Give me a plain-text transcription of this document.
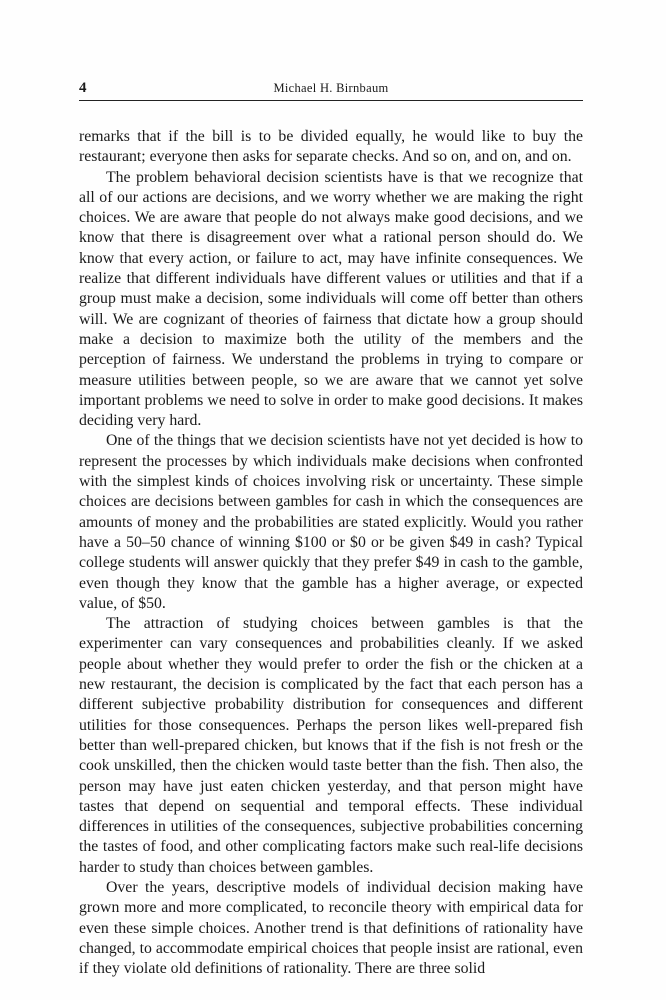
4	Michael H. Birnbaum

remarks that if the bill is to be divided equally, he would like to buy the restaurant; everyone then asks for separate checks. And so on, and on, and on.

The problem behavioral decision scientists have is that we recognize that all of our actions are decisions, and we worry whether we are making the right choices. We are aware that people do not always make good decisions, and we know that there is disagreement over what a rational person should do. We know that every action, or failure to act, may have infinite consequences. We realize that different individuals have different values or utilities and that if a group must make a decision, some individuals will come off better than others will. We are cognizant of theories of fairness that dictate how a group should make a decision to maximize both the utility of the members and the perception of fairness. We understand the problems in trying to compare or measure utilities between people, so we are aware that we cannot yet solve important problems we need to solve in order to make good decisions. It makes deciding very hard.

One of the things that we decision scientists have not yet decided is how to represent the processes by which individuals make decisions when confronted with the simplest kinds of choices involving risk or uncertainty. These simple choices are decisions between gambles for cash in which the consequences are amounts of money and the probabilities are stated explicitly. Would you rather have a 50–50 chance of winning $100 or $0 or be given $49 in cash? Typical college students will answer quickly that they prefer $49 in cash to the gamble, even though they know that the gamble has a higher average, or expected value, of $50.

The attraction of studying choices between gambles is that the experimenter can vary consequences and probabilities cleanly. If we asked people about whether they would prefer to order the fish or the chicken at a new restaurant, the decision is complicated by the fact that each person has a different subjective probability distribution for consequences and different utilities for those consequences. Perhaps the person likes well-prepared fish better than well-prepared chicken, but knows that if the fish is not fresh or the cook unskilled, then the chicken would taste better than the fish. Then also, the person may have just eaten chicken yesterday, and that person might have tastes that depend on sequential and temporal effects. These individual differences in utilities of the consequences, subjective probabilities concerning the tastes of food, and other complicating factors make such real-life decisions harder to study than choices between gambles.

Over the years, descriptive models of individual decision making have grown more and more complicated, to reconcile theory with empirical data for even these simple choices. Another trend is that definitions of rationality have changed, to accommodate empirical choices that people insist are rational, even if they violate old definitions of rationality. There are three solid
